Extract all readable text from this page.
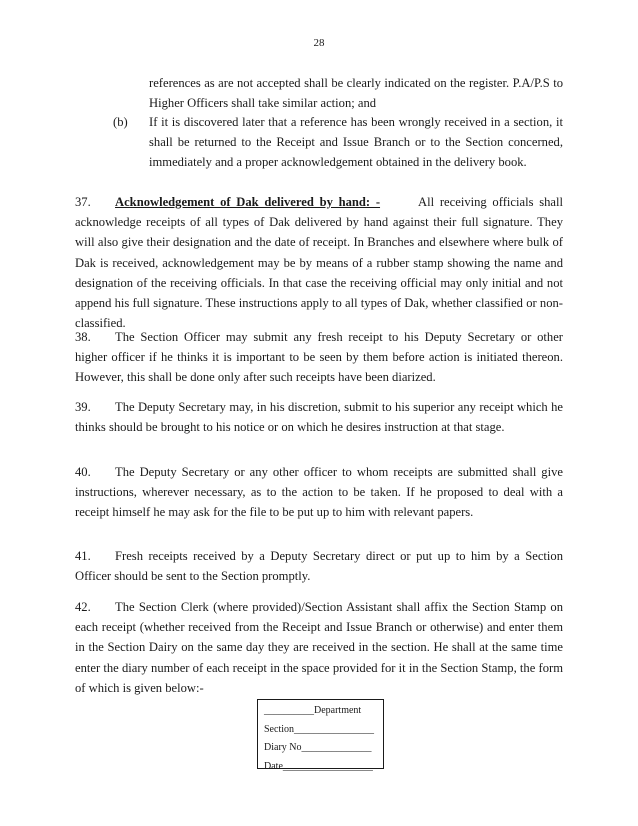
28
references as are not accepted shall be clearly indicated on the register. P.A/P.S to Higher Officers shall take similar action; and
(b) If it is discovered later that a reference has been wrongly received in a section, it shall be returned to the Receipt and Issue Branch or to the Section concerned, immediately and a proper acknowledgement obtained in the delivery book.
37. Acknowledgement of Dak delivered by hand: -	All receiving officials shall acknowledge receipts of all types of Dak delivered by hand against their full signature. They will also give their designation and the date of receipt. In Branches and elsewhere where bulk of Dak is received, acknowledgement may be by means of a rubber stamp showing the name and designation of the receiving officials. In that case the receiving official may only initial and not append his full signature. These instructions apply to all types of Dak, whether classified or non-classified.
38. The Section Officer may submit any fresh receipt to his Deputy Secretary or other higher officer if he thinks it is important to be seen by them before action is initiated thereon. However, this shall be done only after such receipts have been diarized.
39. The Deputy Secretary may, in his discretion, submit to his superior any receipt which he thinks should be brought to his notice or on which he desires instruction at that stage.
40. The Deputy Secretary or any other officer to whom receipts are submitted shall give instructions, wherever necessary, as to the action to be taken. If he proposed to deal with a receipt himself he may ask for the file to be put up to him with relevant papers.
41. Fresh receipts received by a Deputy Secretary direct or put up to him by a Section Officer should be sent to the Section promptly.
42. The Section Clerk (where provided)/Section Assistant shall affix the Section Stamp on each receipt (whether received from the Receipt and Issue Branch or otherwise) and enter them in the Section Dairy on the same day they are received in the section. He shall at the same time enter the diary number of each receipt in the space provided for it in the Section Stamp, the form of which is given below:-
__________Department
Section________________
Diary No______________
Date__________________
